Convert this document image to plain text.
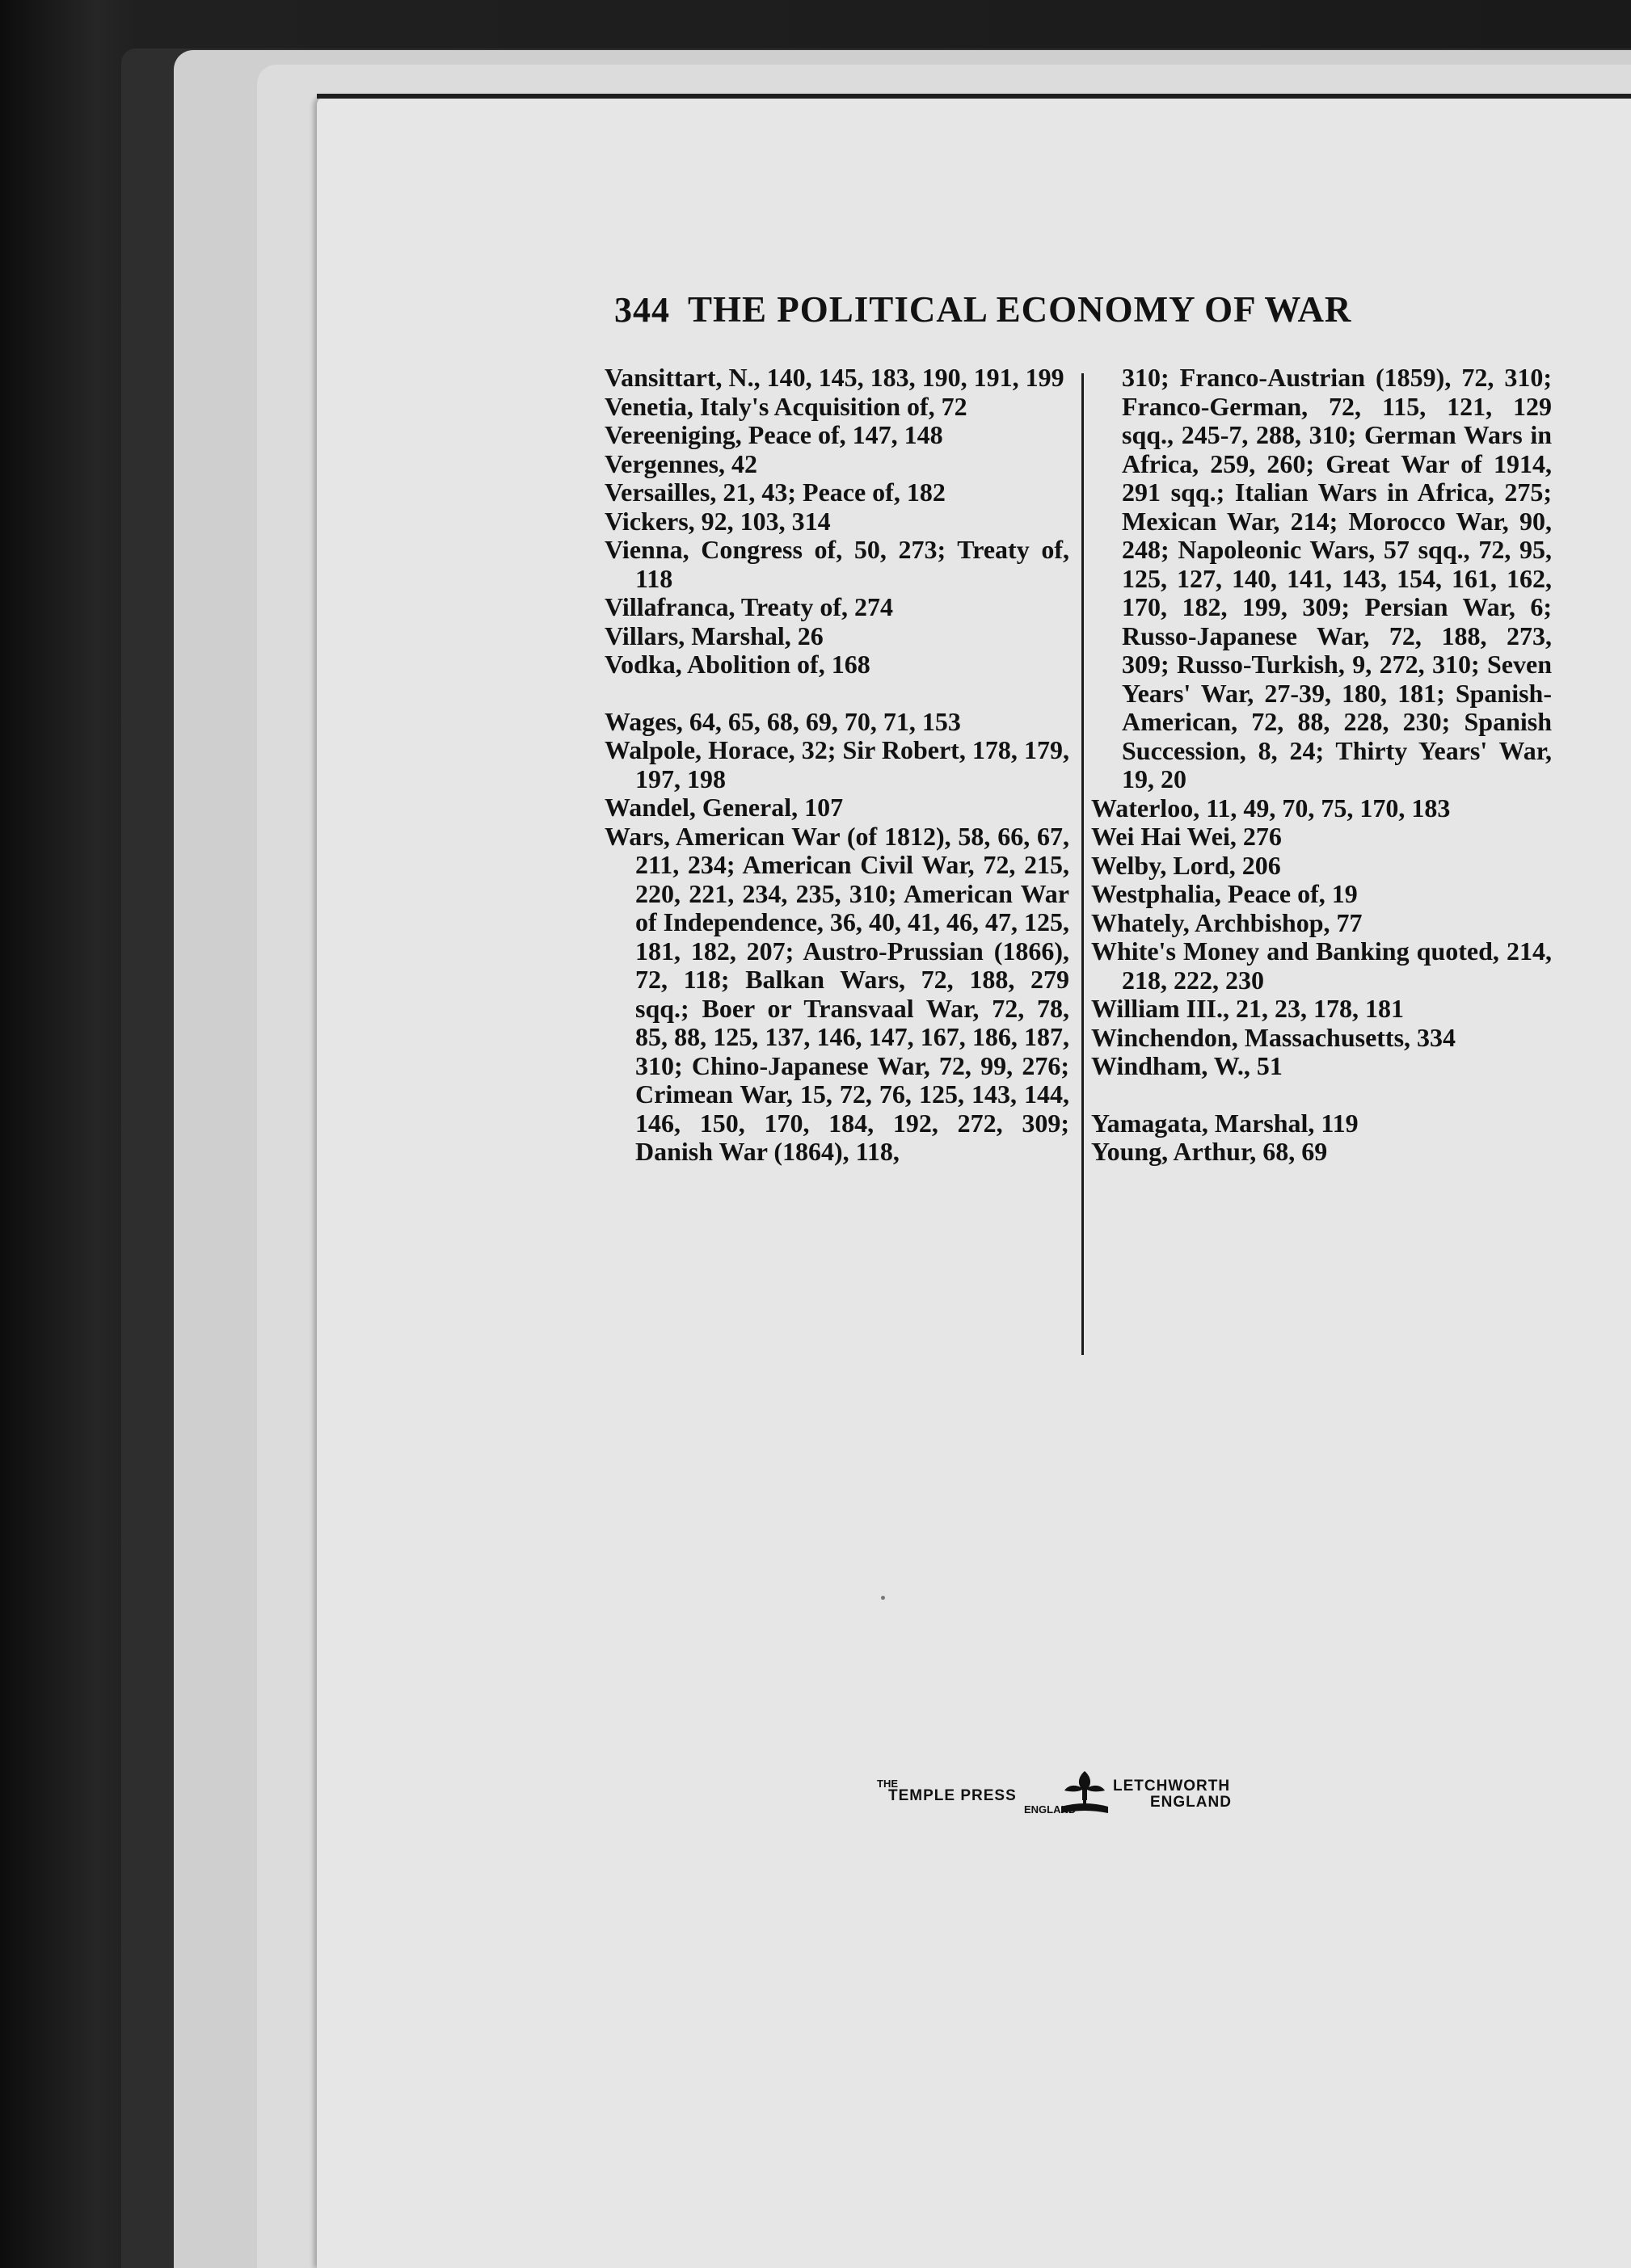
344 THE POLITICAL ECONOMY OF WAR
Vansittart, N., 140, 145, 183, 190, 191, 199
Venetia, Italy's Acquisition of, 72
Vereeniging, Peace of, 147, 148
Vergennes, 42
Versailles, 21, 43; Peace of, 182
Vickers, 92, 103, 314
Vienna, Congress of, 50, 273; Treaty of, 118
Villafranca, Treaty of, 274
Villars, Marshal, 26
Vodka, Abolition of, 168
Wages, 64, 65, 68, 69, 70, 71, 153
Walpole, Horace, 32; Sir Robert, 178, 179, 197, 198
Wandel, General, 107
Wars, American War (of 1812), 58, 66, 67, 211, 234; American Civil War, 72, 215, 220, 221, 234, 235, 310; American War of Independence, 36, 40, 41, 46, 47, 125, 181, 182, 207; Austro-Prussian (1866), 72, 118; Balkan Wars, 72, 188, 279 sqq.; Boer or Transvaal War, 72, 78, 85, 88, 125, 137, 146, 147, 167, 186, 187, 310; Chino-Japanese War, 72, 99, 276; Crimean War, 15, 72, 76, 125, 143, 144, 146, 150, 170, 184, 192, 272, 309; Danish War (1864), 118,
310; Franco-Austrian (1859), 72, 310; Franco-German, 72, 115, 121, 129 sqq., 245-7, 288, 310; German Wars in Africa, 259, 260; Great War of 1914, 291 sqq.; Italian Wars in Africa, 275; Mexican War, 214; Morocco War, 90, 248; Napoleonic Wars, 57 sqq., 72, 95, 125, 127, 140, 141, 143, 154, 161, 162, 170, 182, 199, 309; Persian War, 6; Russo-Japanese War, 72, 188, 273, 309; Russo-Turkish, 9, 272, 310; Seven Years' War, 27-39, 180, 181; Spanish-American, 72, 88, 228, 230; Spanish Succession, 8, 24; Thirty Years' War, 19, 20
Waterloo, 11, 49, 70, 75, 170, 183
Wei Hai Wei, 276
Welby, Lord, 206
Westphalia, Peace of, 19
Whately, Archbishop, 77
White's Money and Banking quoted, 214, 218, 222, 230
William III., 21, 23, 178, 181
Winchendon, Massachusetts, 334
Windham, W., 51
Yamagata, Marshal, 119
Young, Arthur, 68, 69
THE
TEMPLE PRESS
ENGLAND
LETCHWORTH
ENGLAND
